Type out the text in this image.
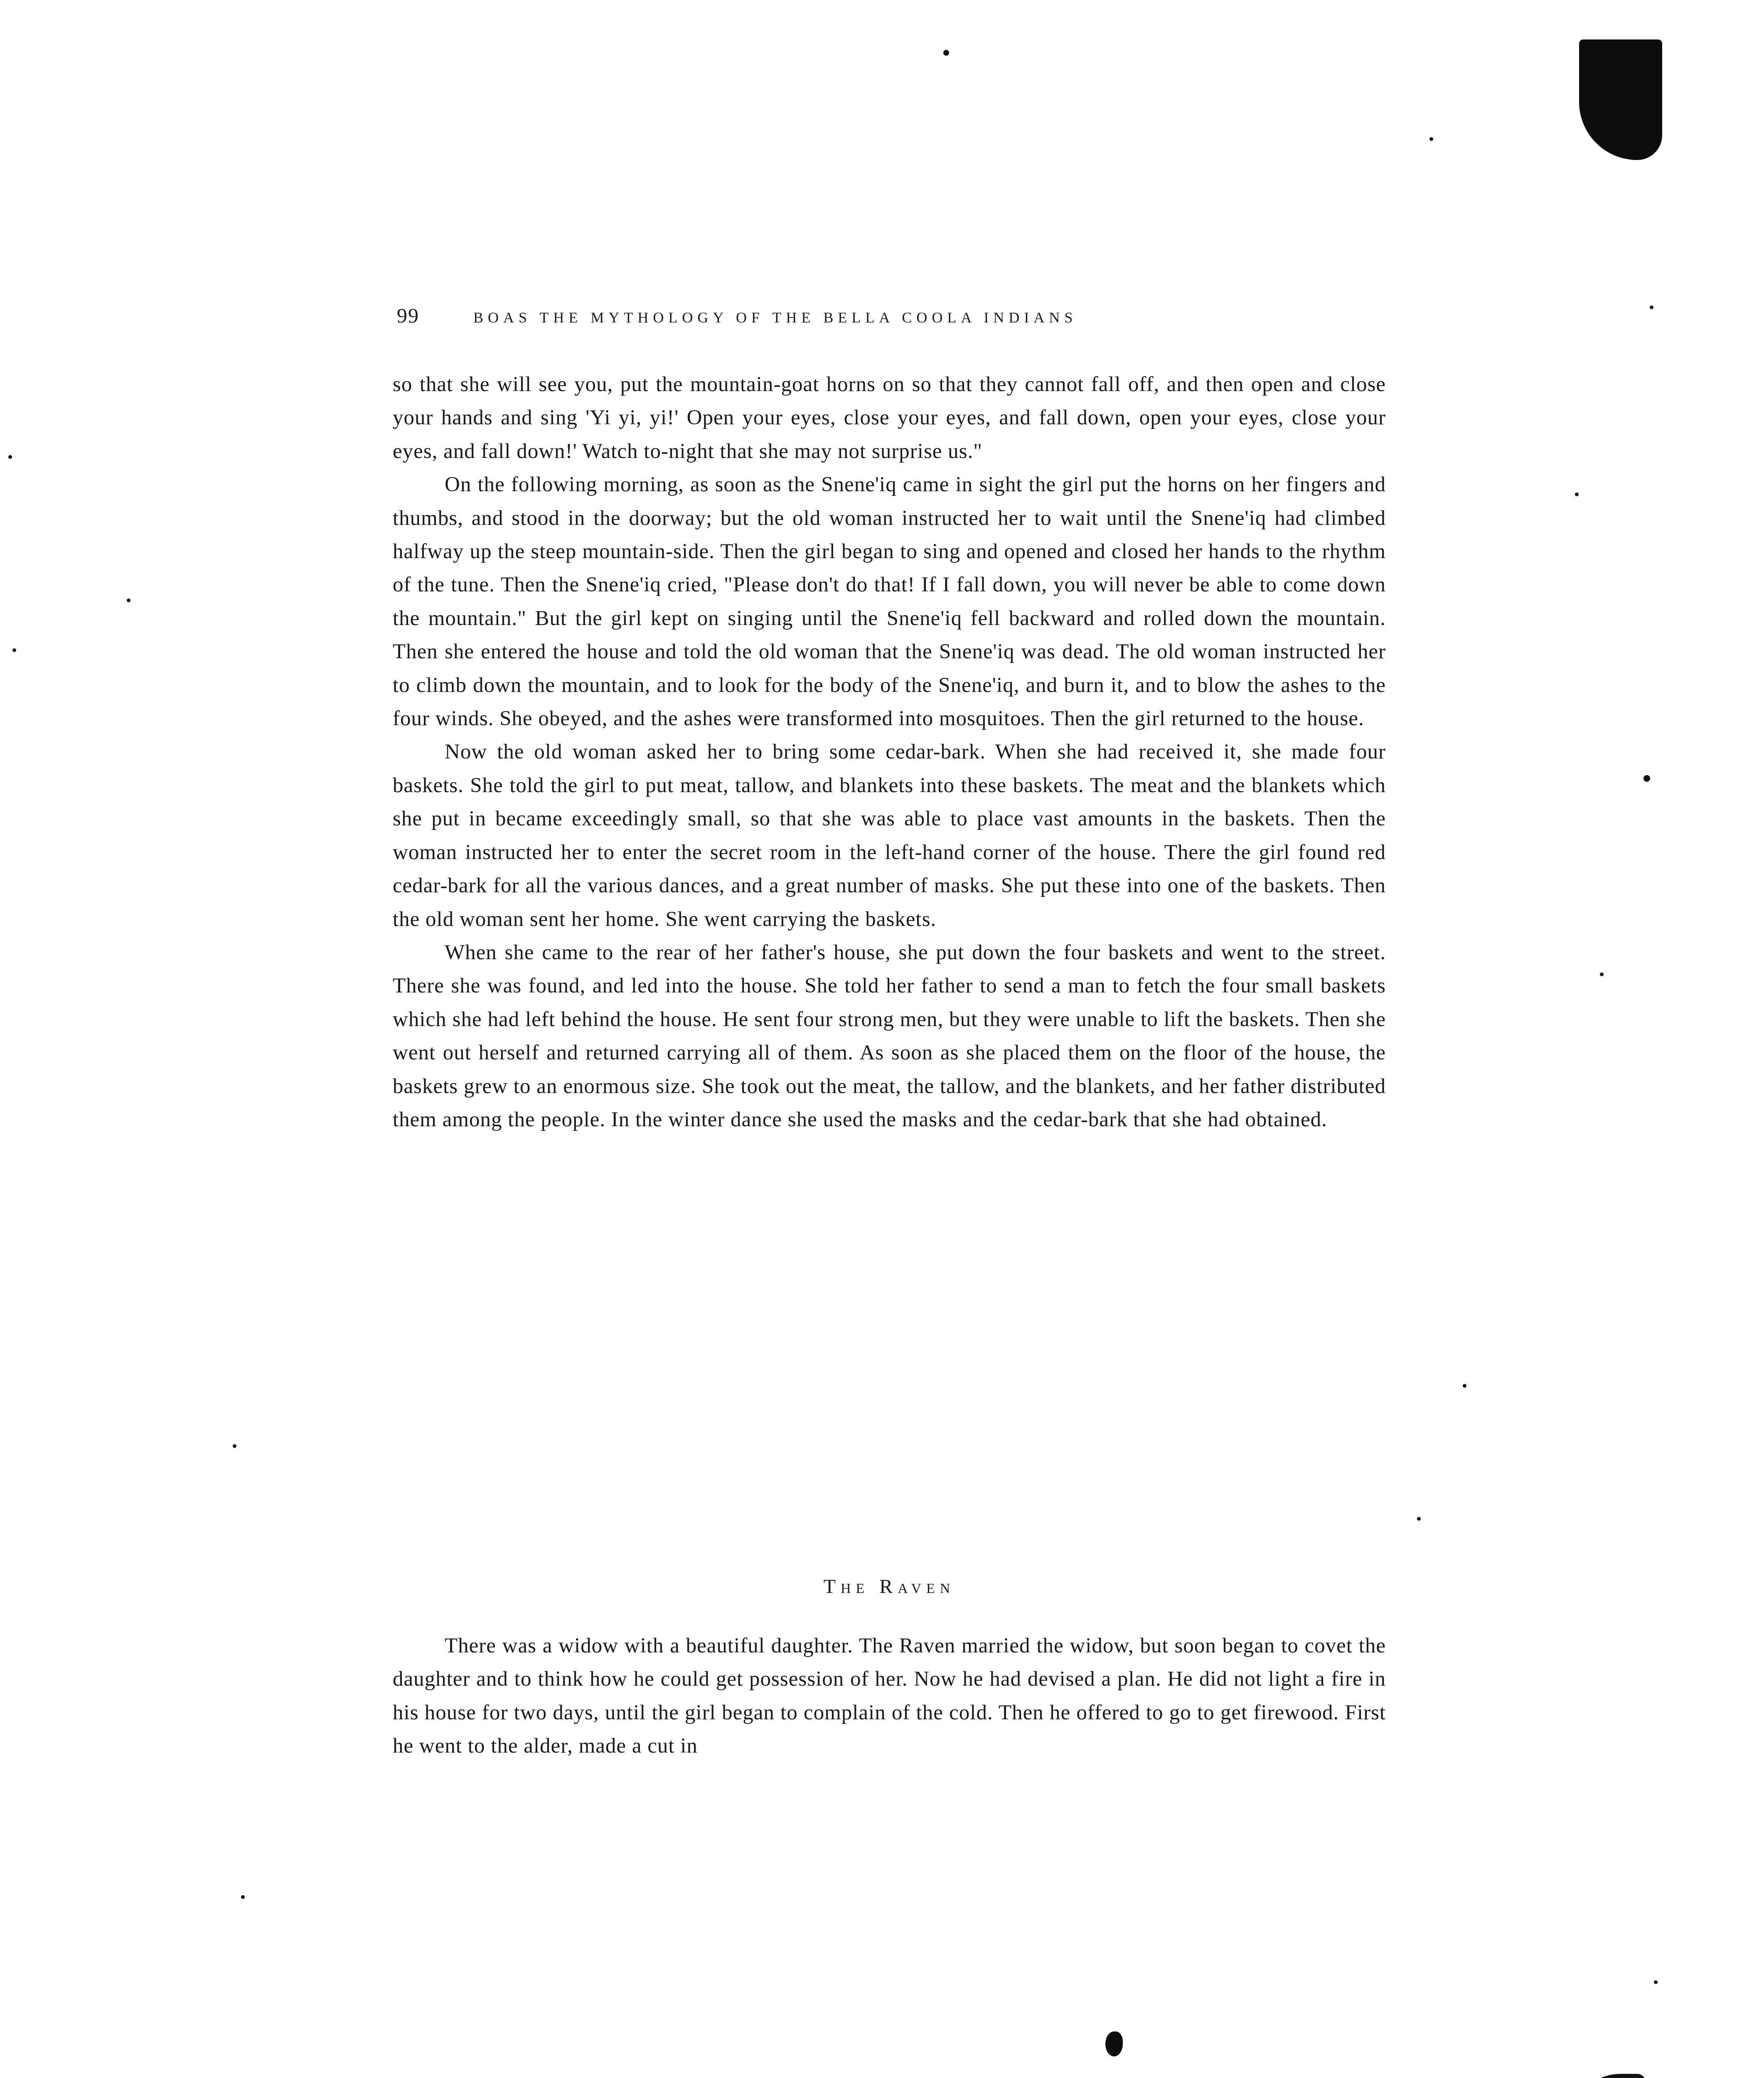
99	BOAS THE MYTHOLOGY OF THE BELLA COOLA INDIANS

so that she will see you, put the mountain-goat horns on so that they cannot fall off, and then open and close your hands and sing 'Yi yi, yi!' Open your eyes, close your eyes, and fall down, open your eyes, close your eyes, and fall down!' Watch to-night that she may not surprise us."

On the following morning, as soon as the Snene'iq came in sight the girl put the horns on her fingers and thumbs, and stood in the doorway; but the old woman instructed her to wait until the Snene'iq had climbed halfway up the steep mountain-side. Then the girl began to sing and opened and closed her hands to the rhythm of the tune. Then the Snene'iq cried, "Please don't do that! If I fall down, you will never be able to come down the mountain." But the girl kept on singing until the Snene'iq fell backward and rolled down the mountain. Then she entered the house and told the old woman that the Snene'iq was dead. The old woman instructed her to climb down the mountain, and to look for the body of the Snene'iq, and burn it, and to blow the ashes to the four winds. She obeyed, and the ashes were transformed into mosquitoes. Then the girl returned to the house.

Now the old woman asked her to bring some cedar-bark. When she had received it, she made four baskets. She told the girl to put meat, tallow, and blankets into these baskets. The meat and the blankets which she put in became exceedingly small, so that she was able to place vast amounts in the baskets. Then the woman instructed her to enter the secret room in the left-hand corner of the house. There the girl found red cedar-bark for all the various dances, and a great number of masks. She put these into one of the baskets. Then the old woman sent her home. She went carrying the baskets.

When she came to the rear of her father's house, she put down the four baskets and went to the street. There she was found, and led into the house. She told her father to send a man to fetch the four small baskets which she had left behind the house. He sent four strong men, but they were unable to lift the baskets. Then she went out herself and returned carrying all of them. As soon as she placed them on the floor of the house, the baskets grew to an enormous size. She took out the meat, the tallow, and the blankets, and her father distributed them among the people. In the winter dance she used the masks and the cedar-bark that she had obtained.

The Raven

There was a widow with a beautiful daughter. The Raven married the widow, but soon began to covet the daughter and to think how he could get possession of her. Now he had devised a plan. He did not light a fire in his house for two days, until the girl began to complain of the cold. Then he offered to go to get firewood. First he went to the alder, made a cut in
